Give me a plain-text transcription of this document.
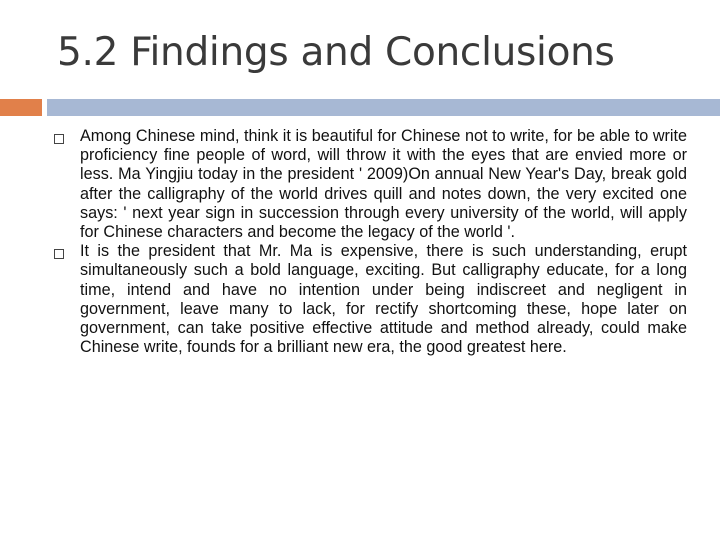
5.2 Findings and Conclusions
Among Chinese mind, think it is beautiful for Chinese not to write, for be able to write proficiency fine people of word, will throw it with the eyes that are envied more or less. Ma Yingjiu today in the president ' 2009)On annual New Year's Day, break gold after the calligraphy of the world drives quill and notes down, the very excited one says: ' next year sign in succession through every university of the world, will apply for Chinese characters and become the legacy of the world '.
It is the president that Mr. Ma is expensive, there is such understanding, erupt simultaneously such a bold language, exciting. But calligraphy educate, for a long time, intend and have no intention under being indiscreet and negligent in government, leave many to lack, for rectify shortcoming these, hope later on government, can take positive effective attitude and method already, could make Chinese write, founds for a brilliant new era, the good greatest here.
